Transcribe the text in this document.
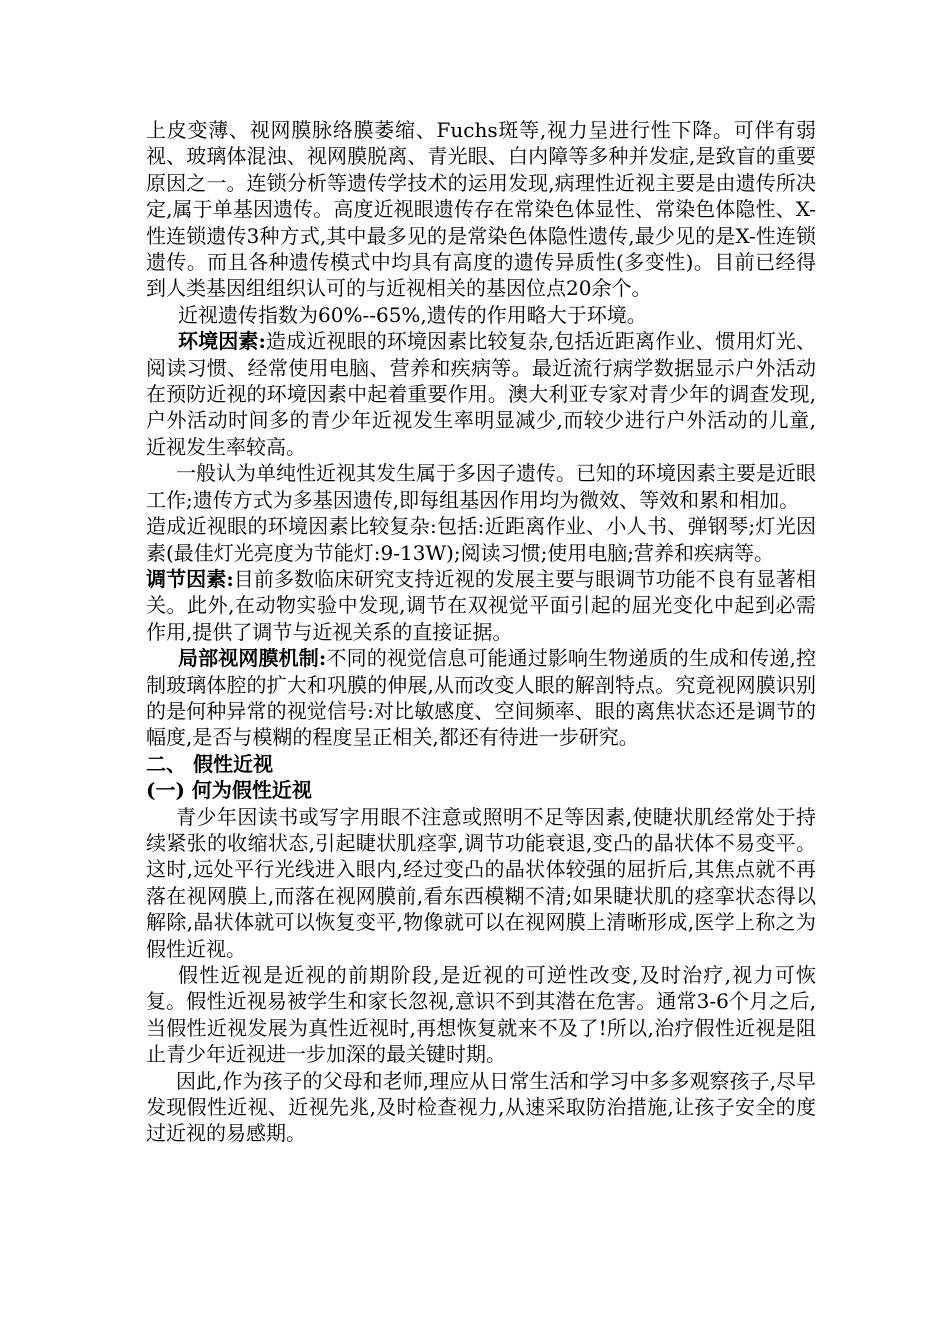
上皮变薄、视网膜脉络膜萎缩、Fuchs斑等,视力呈进行性下降。可伴有弱视、玻璃体混浊、视网膜脱离、青光眼、白内障等多种并发症,是致盲的重要原因之一。连锁分析等遗传学技术的运用发现,病理性近视主要是由遗传所决定,属于单基因遗传。高度近视眼遗传存在常染色体显性、常染色体隐性、X-性连锁遗传3种方式,其中最多见的是常染色体隐性遗传,最少见的是X-性连锁遗传。而且各种遗传模式中均具有高度的遗传异质性(多变性)。目前已经得到人类基因组组织认可的与近视相关的基因位点20余个。

近视遗传指数为60%--65%,遗传的作用略大于环境。

环境因素:造成近视眼的环境因素比较复杂,包括近距离作业、惯用灯光、阅读习惯、经常使用电脑、营养和疾病等。最近流行病学数据显示户外活动在预防近视的环境因素中起着重要作用。澳大利亚专家对青少年的调查发现,户外活动时间多的青少年近视发生率明显减少,而较少进行户外活动的儿童,近视发生率较高。

一般认为单纯性近视其发生属于多因子遗传。已知的环境因素主要是近眼工作;遗传方式为多基因遗传,即每组基因作用均为微效、等效和累和相加。

造成近视眼的环境因素比较复杂:包括:近距离作业、小人书、弹钢琴;灯光因素(最佳灯光亮度为节能灯:9-13W);阅读习惯;使用电脑;营养和疾病等。

调节因素:目前多数临床研究支持近视的发展主要与眼调节功能不良有显著相关。此外,在动物实验中发现,调节在双视觉平面引起的屈光变化中起到必需作用,提供了调节与近视关系的直接证据。

局部视网膜机制:不同的视觉信息可能通过影响生物递质的生成和传递,控制玻璃体腔的扩大和巩膜的伸展,从而改变人眼的解剖特点。究竟视网膜识别的是何种异常的视觉信号:对比敏感度、空间频率、眼的离焦状态还是调节的幅度,是否与模糊的程度呈正相关,都还有待进一步研究。

二、 假性近视

(一) 何为假性近视

青少年因读书或写字用眼不注意或照明不足等因素,使睫状肌经常处于持续紧张的收缩状态,引起睫状肌痉挛,调节功能衰退,变凸的晶状体不易变平。这时,远处平行光线进入眼内,经过变凸的晶状体较强的屈折后,其焦点就不再落在视网膜上,而落在视网膜前,看东西模糊不清;如果睫状肌的痉挛状态得以解除,晶状体就可以恢复变平,物像就可以在视网膜上清晰形成,医学上称之为假性近视。

假性近视是近视的前期阶段,是近视的可逆性改变,及时治疗,视力可恢复。假性近视易被学生和家长忽视,意识不到其潜在危害。通常3-6个月之后,当假性近视发展为真性近视时,再想恢复就来不及了!所以,治疗假性近视是阻止青少年近视进一步加深的最关键时期。

因此,作为孩子的父母和老师,理应从日常生活和学习中多多观察孩子,尽早发现假性近视、近视先兆,及时检查视力,从速采取防治措施,让孩子安全的度过近视的易感期。
